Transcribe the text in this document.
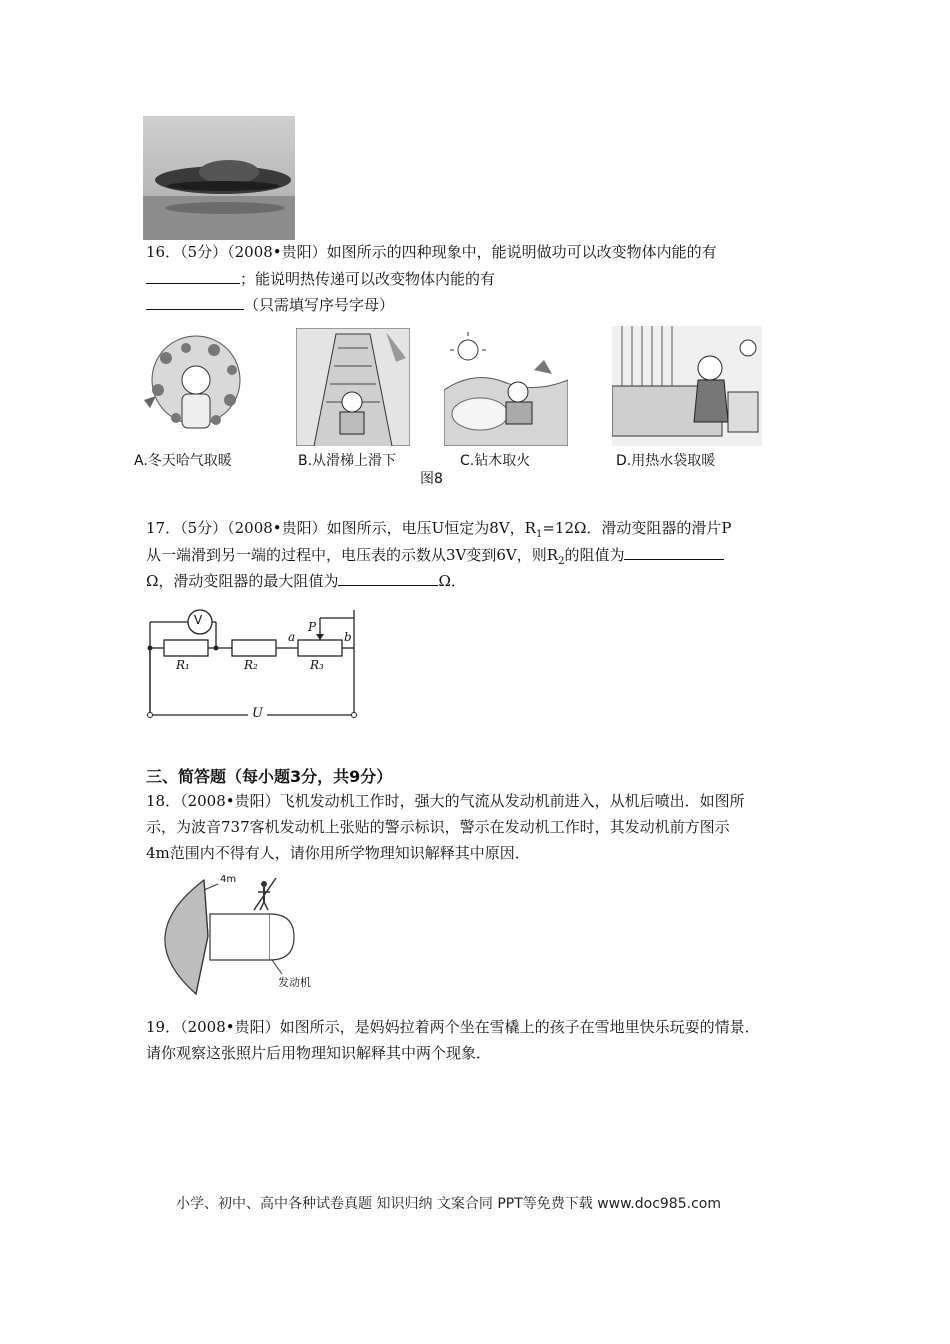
16．（5分）（2008•贵阳）如图所示的四种现象中，能说明做功可以改变物体内能的有
；能说明热传递可以改变物体内能的有
（只需填写序号字母）
A.冬天哈气取暖	B.从滑梯上滑下	C.钻木取火	D.用热水袋取暖
图8
17．（5分）（2008•贵阳）如图所示，电压U恒定为8V，$R_1=12\Omega$．滑动变阻器的滑片P
从一端滑到另一端的过程中，电压表的示数从3V变到6V，则$R_2$的阻值为
Ω，滑动变阻器的最大阻值为	Ω．
V
R₁	R₂	R₃
a	b
P
U
三、简答题（每小题3分，共9分）
18．（2008•贵阳）飞机发动机工作时，强大的气流从发动机前进入，从机后喷出．如图所
示，为波音737客机发动机上张贴的警示标识，警示在发动机工作时，其发动机前方图示
4m范围内不得有人，请你用所学物理知识解释其中原因．
4m
发动机
19．（2008•贵阳）如图所示，是妈妈拉着两个坐在雪橇上的孩子在雪地里快乐玩耍的情景．
请你观察这张照片后用物理知识解释其中两个现象．
小学、初中、高中各种试卷真题 知识归纳 文案合同 PPT等免费下载 www.doc985.com
